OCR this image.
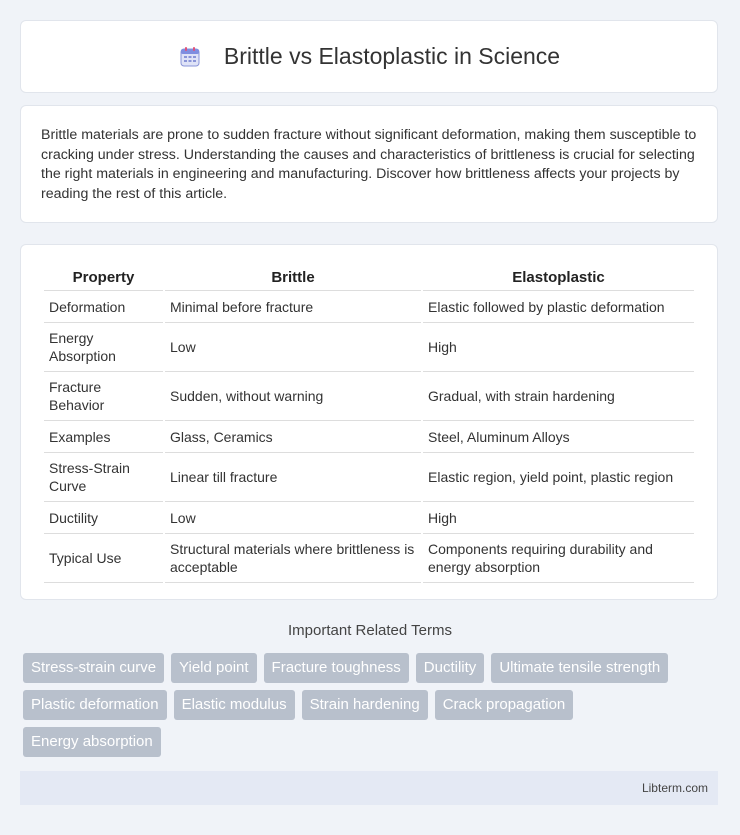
Brittle vs Elastoplastic in Science
Brittle materials are prone to sudden fracture without significant deformation, making them susceptible to cracking under stress. Understanding the causes and characteristics of brittleness is crucial for selecting the right materials in engineering and manufacturing. Discover how brittleness affects your projects by reading the rest of this article.
Property	Brittle	Elastoplastic
Deformation	Minimal before fracture	Elastic followed by plastic deformation
Energy Absorption	Low	High
Fracture Behavior	Sudden, without warning	Gradual, with strain hardening
Examples	Glass, Ceramics	Steel, Aluminum Alloys
Stress-Strain Curve	Linear till fracture	Elastic region, yield point, plastic region
Ductility	Low	High
Typical Use	Structural materials where brittleness is acceptable	Components requiring durability and energy absorption
Important Related Terms
Stress-strain curve	Yield point	Fracture toughness	Ductility	Ultimate tensile strength
Plastic deformation	Elastic modulus	Strain hardening	Crack propagation
Energy absorption
Libterm.com
